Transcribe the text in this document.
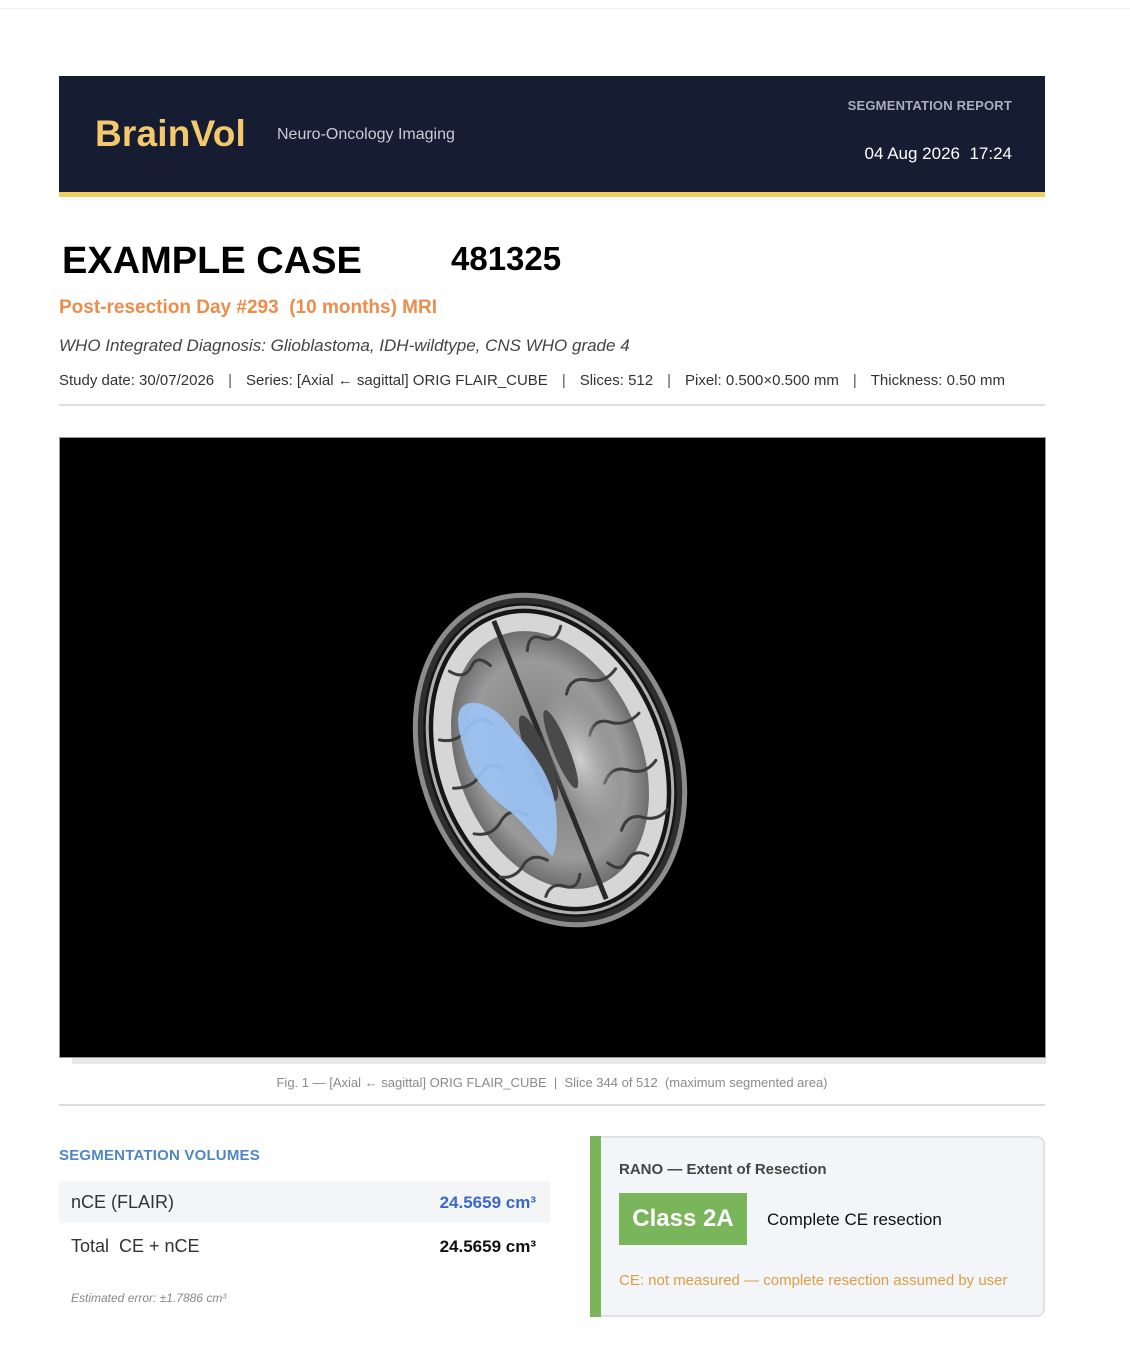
BrainVol Neuro-Oncology Imaging
SEGMENTATION REPORT
04 Aug 2026  17:24
EXAMPLE CASE	481325
Post-resection Day #293  (10 months) MRI
WHO Integrated Diagnosis: Glioblastoma, IDH-wildtype, CNS WHO grade 4
Study date: 30/07/2026 | Series: [Axial ← sagittal] ORIG FLAIR_CUBE | Slices: 512 | Pixel: 0.500×0.500 mm | Thickness: 0.50 mm
Fig. 1 — [Axial ← sagittal] ORIG FLAIR_CUBE  |  Slice 344 of 512  (maximum segmented area)
SEGMENTATION VOLUMES
nCE (FLAIR)	24.5659 cm³
Total  CE + nCE	24.5659 cm³
Estimated error: ±1.7886 cm³
RANO — Extent of Resection
Class 2A	Complete CE resection
CE: not measured — complete resection assumed by user
